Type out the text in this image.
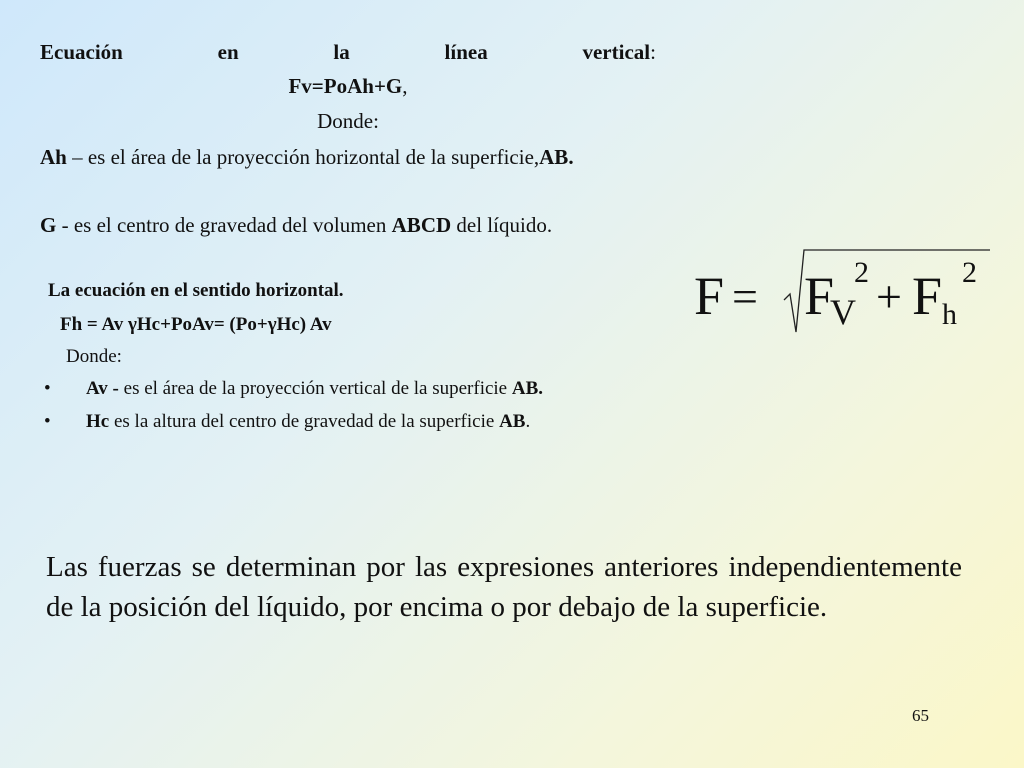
Ecuación	en	la	línea	vertical:
Fv=PoAh+G,
Donde:
Ah – es el área de la proyección horizontal de la superficie,AB.
G - es el centro de gravedad del volumen ABCD del líquido.
La ecuación en el sentido horizontal.
Fh = Av γHc+PoAv= (Po+γHc) Av
Donde:
• Av - es el área de la proyección vertical de la superficie AB.
• Hc es la altura del centro de gravedad de la superficie AB.
F = F
V
2 + F h
2
Las fuerzas se determinan por las expresiones anteriores independientemente de la posición del líquido, por encima o por debajo de la superficie.
65
